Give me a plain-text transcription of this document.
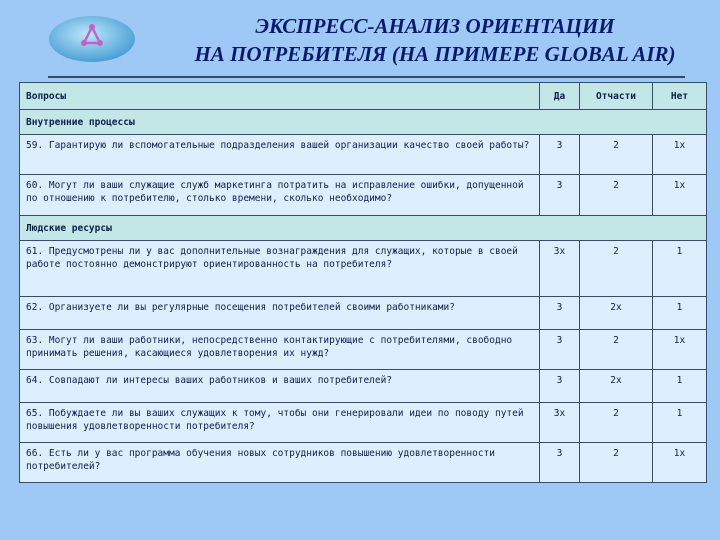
ЭКСПРЕСС-АНАЛИЗ ОРИЕНТАЦИИ
НА ПОТРЕБИТЕЛЯ (НА ПРИМЕРЕ GLOBAL AIR)
Вопросы	Да	Отчасти	Нет
Внутренние процессы			
59. Гарантирую ли вспомогательные подразделения вашей организации качество своей работы?	3	2	1х
60. Могут ли ваши служащие служб маркетинга потратить на исправление ошибки, допущенной по отношению к потребителю, столько времени, сколько необходимо?	3	2	1х
Людские ресурсы			
61. Предусмотрены ли у вас дополнительные вознаграждения для служащих, которые в своей работе постоянно демонстрируют ориентированность на потребителя?	3х	2	1
62. Организуете ли вы регулярные посещения потребителей своими работниками?	3	2х	1
63. Могут ли ваши работники, непосредственно контактирующие с потребителями, свободно принимать решения, касающиеся удовлетворения их нужд?	3	2	1х
64. Совпадают ли интересы ваших работников и ваших потребителей?	3	2х	1
65. Побуждаете ли вы ваших служащих к тому, чтобы они генерировали идеи по поводу путей повышения удовлетворенности потребителя?	3х	2	1
66. Есть ли у вас программа обучения новых сотрудников повышению удовлетворенности потребителей?	3	2	1х
